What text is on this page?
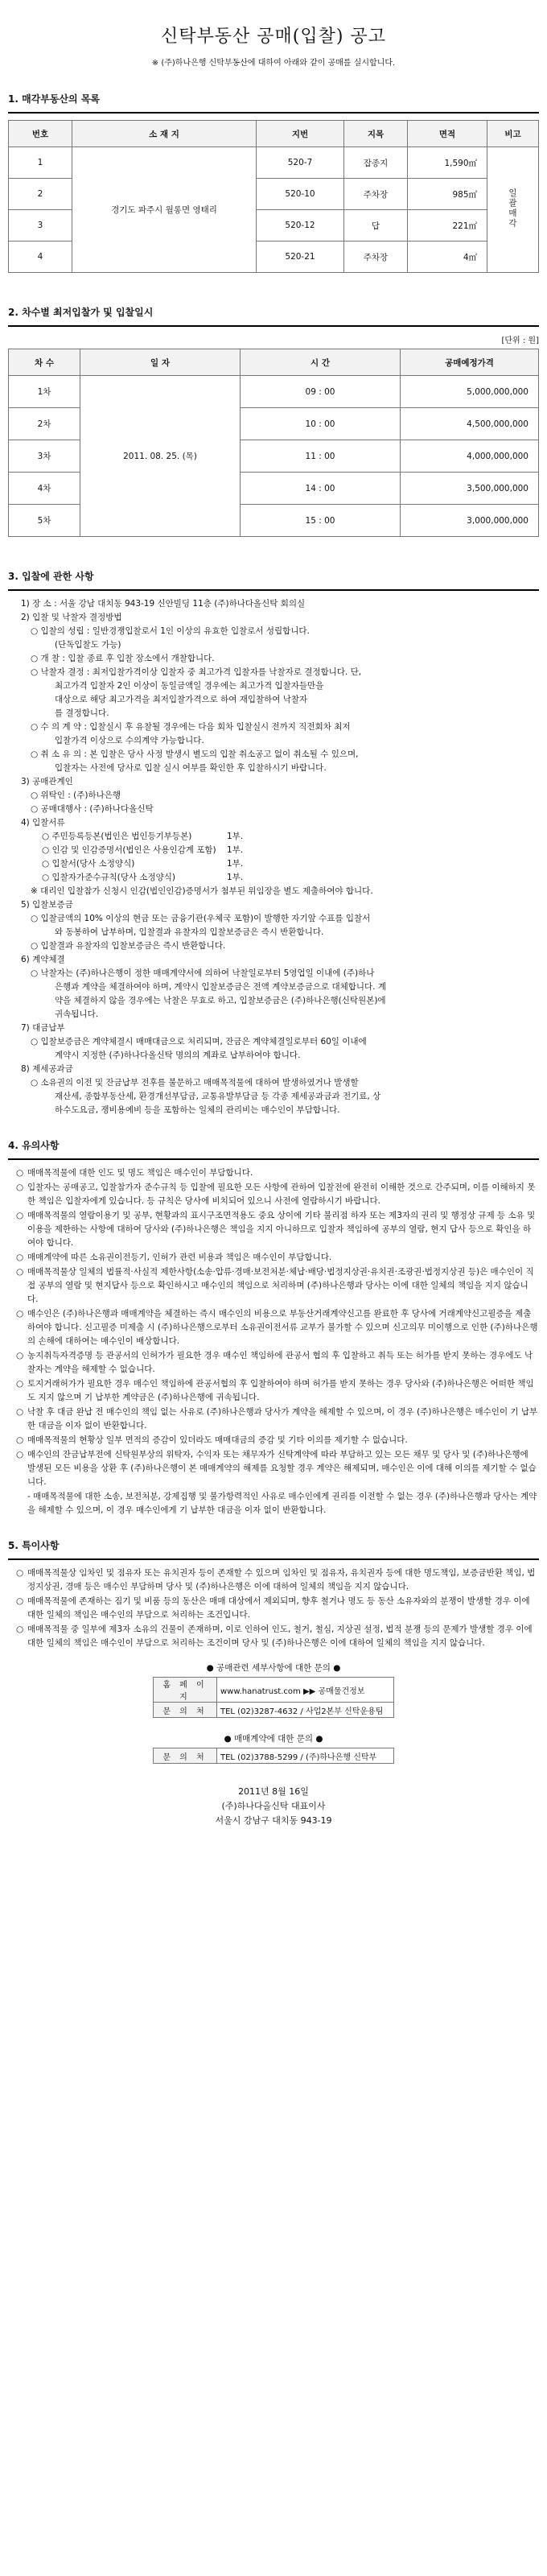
신탁부동산 공매(입찰) 공고
※ (주)하나은행 신탁부동산에 대하여 아래와 같이 공매를 실시합니다.
1. 매각부동산의 목록
번호	소 재 지	지번	지목	면적	비고
1	경기도 파주시 월롱면 영태리	520-7	잡종지	1,590㎡	일괄매각
2		520-10	주차장	985㎡	
3		520-12	답	221㎡	
4		520-21	주차장	4㎡	
2. 차수별 최저입찰가 및 입찰일시
[단위 : 원]
차 수	일 자	시 간	공매예정가격
1차	2011. 08. 25. (목)	09 : 00	5,000,000,000
2차		10 : 00	4,500,000,000
3차		11 : 00	4,000,000,000
4차		14 : 00	3,500,000,000
5차		15 : 00	3,000,000,000
3. 입찰에 관한 사항
1) 장 소 : 서울 강남 대치동 943-19 신안빌딩 11층 (주)하나다올신탁 회의실
2) 입찰 및 낙찰자 결정방법
○ 입찰의 성립 : 일반경쟁입찰로서 1인 이상의 유효한 입찰로서 성립합니다.
(단독입찰도 가능)
○ 개 찰 : 입찰 종료 후 입찰 장소에서 개찰합니다.
○ 낙찰자 결정 : 최저입찰가격이상 입찰자 중 최고가격 입찰자를 낙찰자로 결정합니다. 단,
최고가격 입찰자 2인 이상이 동일금액일 경우에는 최고가격 입찰자들만을
대상으로 해당 최고가격을 최저입찰가격으로 하여 재입찰하여 낙찰자
를 결정합니다.
○ 수 의 계 약 : 입찰실시 후 유찰될 경우에는 다음 회차 입찰실시 전까지 직전회차 최저
입찰가격 이상으로 수의계약 가능합니다.
○ 취 소 유 의 : 본 입찰은 당사 사정 발생시 별도의 입찰 취소공고 없이 취소될 수 있으며,
입찰자는 사전에 당사로 입찰 실시 여부를 확인한 후 입찰하시기 바랍니다.
3) 공매관계인
○ 위탁인 : (주)하나은행
○ 공매대행사 : (주)하나다올신탁
4) 입찰서류
○ 주민등록등본(법인은 법인등기부등본)	1부.
○ 인감 및 인감증명서(법인은 사용인감계 포함)	1부.
○ 입찰서(당사 소정양식)	1부.
○ 입찰자가준수규칙(당사 소정양식)	1부.
※ 대리인 입찰참가 신청시 인감(법인인감)증명서가 첨부된 위임장을 별도 제출하여야 합니다.
5) 입찰보증금
○ 입찰금액의 10% 이상의 현금 또는 금융기관(우체국 포함)이 발행한 자기앞 수표를 입찰서
와 동봉하여 납부하며, 입찰결과 유찰자의 입찰보증금은 즉시 반환합니다.
○ 입찰결과 유찰자의 입찰보증금은 즉시 반환합니다.
6) 계약체결
○ 낙찰자는 (주)하나은행이 정한 매매계약서에 의하여 낙찰일로부터 5영업일 이내에 (주)하나
은행과 계약을 체결하여야 하며, 계약시 입찰보증금은 전액 계약보증금으로 대체합니다. 계
약을 체결하지 않을 경우에는 낙찰은 무효로 하고, 입찰보증금은 (주)하나은행(신탁원본)에
귀속됩니다.
7) 대금납부
○ 입찰보증금은 계약체결시 매매대금으로 처리되며, 잔금은 계약체결일로부터 60일 이내에
계약시 지정한 (주)하나다올신탁 명의의 계좌로 납부하여야 합니다.
8) 제세공과금
○ 소유권의 이전 및 잔금납부 전후를 불문하고 매매목적물에 대하여 발생하였거나 발생할
재산세, 종합부동산세, 환경개선부담금, 교통유발부담금 등 각종 제세공과금과 전기료, 상
하수도요금, 쟁비용예비 등을 포함하는 일체의 관리비는 매수인이 부담합니다.
4. 유의사항
○ 매매목적물에 대한 인도 및 명도 책임은 매수인이 부담합니다.
○ 입찰자는 공매공고, 입찰참가자 준수규칙 등 입찰에 필요한 모든 사항에 관하여 입찰전에 완전히 이해한 것으로 간주되며, 이를 이해하지 못한 책임은 입찰자에게 있습니다. 등 규칙은 당사에 비치되어 있으니 사전에 열람하시기 바랍니다.
○ 매매목적물의 열람이용기 및 공부, 현황과의 표시구조면적용도 중요 상이에 기타 불리점 하자 또는 제3자의 권리 및 행정상 규제 등 소유 및 이용을 제한하는 사항에 대하여 당사와 (주)하나은행은 책임을 지지 아니하므로 입찰자 책임하에 공부의 열람, 현지 답사 등으로 확인을 하여야 합니다.
○ 매매계약에 따른 소유권이전등기, 인허가 관련 비용과 책임은 매수인이 부담합니다.
○ 매매목적물상 일체의 법률적·사실적 제한사항(소송·압류·경매·보전처분·체납·배당·법정지상권·유치권·조광권·법정지상권 등)은 매수인이 직접 공부의 열람 및 현지답사 등으로 확인하시고 매수인의 책임으로 처리하며 (주)하나은행과 당사는 이에 대한 일체의 책임을 지지 않습니다.
○ 매수인은 (주)하나은행과 매매계약을 체결하는 즉시 매수인의 비용으로 부동산거래계약신고를 완료한 후 당사에 거래계약신고필증을 제출하여야 합니다. 신고필증 미제출 시 (주)하나은행으로부터 소유권이전서류 교부가 불가할 수 있으며 신고의무 미이행으로 인한 (주)하나은행의 손해에 대하여는 매수인이 배상합니다.
○ 농지취득자격증명 등 관공서의 인허가가 필요한 경우 매수인 책임하에 관공서 협의 후 입찰하고 취득 또는 허가를 받지 못하는 경우에도 낙찰자는 계약을 해제할 수 없습니다.
○ 토지거래허가가 필요한 경우 매수인 책임하에 관공서협의 후 입찰하여야 하며 허가를 받지 못하는 경우 당사와 (주)하나은행은 어떠한 책임도 지지 않으며 기 납부한 계약금은 (주)하나은행에 귀속됩니다.
○ 낙찰 후 대금 완납 전 매수인의 책임 없는 사유로 (주)하나은행과 당사가 계약을 해제할 수 있으며, 이 경우 (주)하나은행은 매수인이 기 납부한 대금을 이자 없이 반환합니다.
○ 매매목적물의 현황상 일부 면적의 증감이 있더라도 매매대금의 증감 및 기타 이의를 제기할 수 없습니다.
○ 매수인의 잔금납부전에 신탁원부상의 위탁자, 수익자 또는 채무자가 신탁계약에 따라 부담하고 있는 모든 채무 및 당사 및 (주)하나은행에 발생된 모든 비용을 상환 후 (주)하나은행이 본 매매계약의 해제를 요청할 경우 계약은 해제되며, 매수인은 이에 대해 이의를 제기할 수 없습니다.
- 매매목적물에 대한 소송, 보전처분, 강제집행 및 불가항력적인 사유로 매수인에게 권리를 이전할 수 없는 경우 (주)하나은행과 당사는 계약을 해제할 수 있으며, 이 경우 매수인에게 기 납부한 대금을 이자 없이 반환합니다.
5. 특이사항
○ 매매목적물상 임차인 및 점유자 또는 유치권자 등이 존재할 수 있으며 임차인 및 점유자, 유치권자 등에 대한 명도책임, 보증금반환 책임, 법정지상권, 경매 등은 매수인 부담하며 당사 및 (주)하나은행은 이에 대하여 일체의 책임을 지지 않습니다.
○ 매매목적물에 존재하는 짐기 및 비품 등의 동산은 매매 대상에서 제외되며, 향후 철거나 명도 등 동산 소유자와의 분쟁이 발생할 경우 이에 대한 일체의 책임은 매수인의 부담으로 처리하는 조건입니다.
○ 매매목적물 중 일부에 제3자 소유의 건물이 존재하며, 이로 인하여 인도, 철거, 철심, 지상권 설정, 법적 분쟁 등의 문제가 발생할 경우 이에 대한 일체의 책임은 매수인이 부담으로 처리하는 조건이며 당사 및 (주)하나은행은 이에 대하여 일체의 책임을 지지 않습니다.
● 공매관련 세부사항에 대한 문의 ●
홈 페 이 지	www.hanatrust.com ▶▶ 공매물건정보
문 의 처	TEL (02)3287-4632 / 사업2본부 신탁운용팀
● 매매계약에 대한 문의 ●
문 의 처	TEL (02)3788-5299 / (주)하나은행 신탁부
2011년 8월 16일
(주)하나다올신탁 대표이사
서울시 강남구 대치동 943-19
